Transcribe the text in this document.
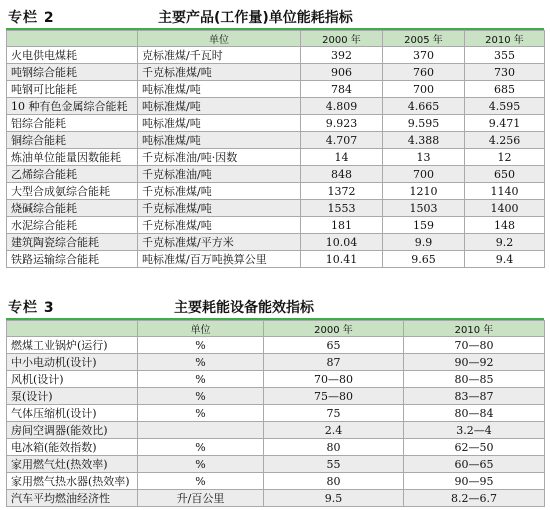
专栏 2	主要产品(工作量)单位能耗指标
	单位	2000 年	2005 年	2010 年
火电供电煤耗	克标准煤/千瓦时	392	370	355
吨钢综合能耗	千克标准煤/吨	906	760	730
吨钢可比能耗	吨标准煤/吨	784	700	685
10 种有色金属综合能耗	吨标准煤/吨	4.809	4.665	4.595
铝综合能耗	吨标准煤/吨	9.923	9.595	9.471
铜综合能耗	吨标准煤/吨	4.707	4.388	4.256
炼油单位能量因数能耗	千克标准油/吨·因数	14	13	12
乙烯综合能耗	千克标准油/吨	848	700	650
大型合成氨综合能耗	千克标准煤/吨	1372	1210	1140
烧碱综合能耗	千克标准煤/吨	1553	1503	1400
水泥综合能耗	千克标准煤/吨	181	159	148
建筑陶瓷综合能耗	千克标准煤/平方米	10.04	9.9	9.2
铁路运输综合能耗	吨标准煤/百万吨换算公里	10.41	9.65	9.4
专栏 3	主要耗能设备能效指标
	单位	2000 年	2010 年
燃煤工业锅炉(运行)	%	65	70—80
中小电动机(设计)	%	87	90—92
风机(设计)	%	70—80	80—85
泵(设计)	%	75—80	83—87
气体压缩机(设计)	%	75	80—84
房间空调器(能效比)		2.4	3.2—4
电冰箱(能效指数)	%	80	62—50
家用燃气灶(热效率)	%	55	60—65
家用燃气热水器(热效率)	%	80	90—95
汽车平均燃油经济性	升/百公里	9.5	8.2—6.7
